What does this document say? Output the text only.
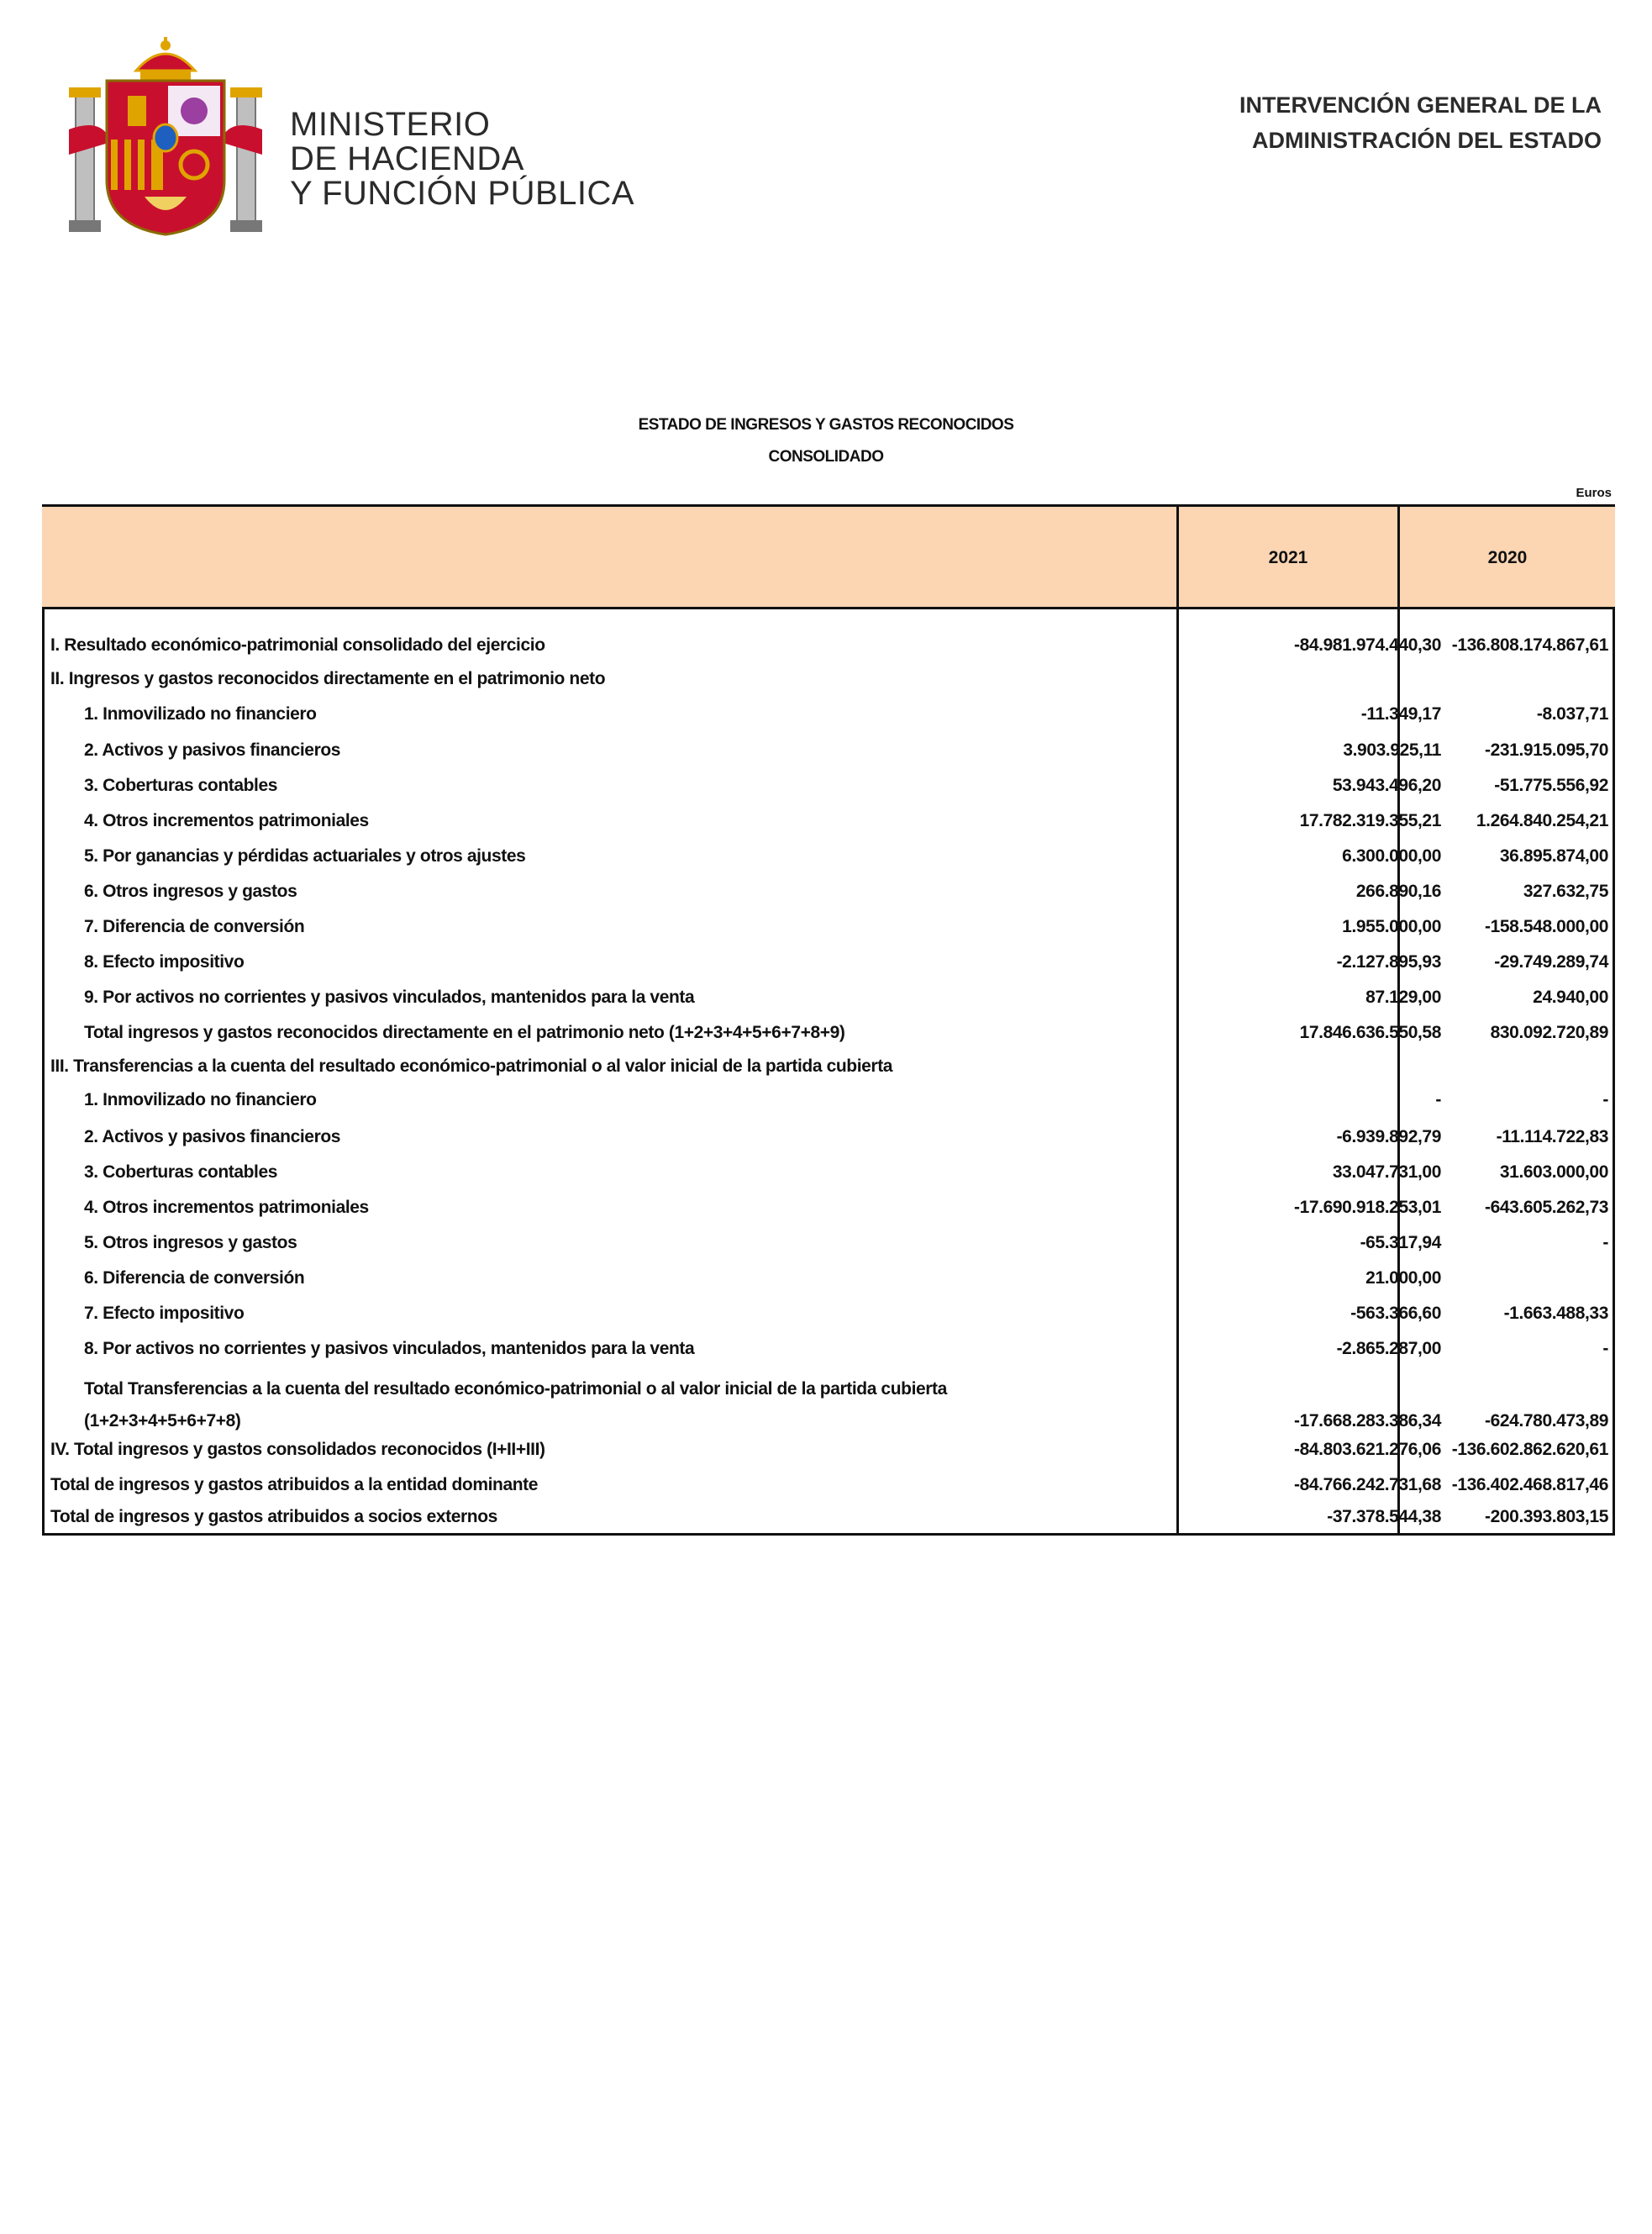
MINISTERIO
DE HACIENDA
Y FUNCIÓN PÚBLICA
INTERVENCIÓN GENERAL DE LA
ADMINISTRACIÓN DEL ESTADO
ESTADO DE INGRESOS Y GASTOS RECONOCIDOS
CONSOLIDADO
Euros
2021	2020
I. Resultado económico-patrimonial consolidado del ejercicio	-84.981.974.440,30 -136.808.174.867,61
II. Ingresos y gastos reconocidos directamente en el patrimonio neto
1. Inmovilizado no financiero	-11.349,17	-8.037,71
2. Activos y pasivos financieros	3.903.925,11 -231.915.095,70
3. Coberturas contables	53.943.496,20	-51.775.556,92
4. Otros incrementos patrimoniales	17.782.319.355,21 1.264.840.254,21
5. Por ganancias y pérdidas actuariales y otros ajustes	6.300.000,00	36.895.874,00
6. Otros ingresos y gastos	266.890,16	327.632,75
7. Diferencia de conversión	1.955.000,00 -158.548.000,00
8. Efecto impositivo	-2.127.895,93	-29.749.289,74
9. Por activos no corrientes y pasivos vinculados, mantenidos para la venta	87.129,00	24.940,00
Total ingresos y gastos reconocidos directamente en el patrimonio neto (1+2+3+4+5+6+7+8+9)	17.846.636.550,58	830.092.720,89
III. Transferencias a la cuenta del resultado económico-patrimonial o al valor inicial de la partida cubierta
1. Inmovilizado no financiero	-	-
2. Activos y pasivos financieros	-6.939.892,79	-11.114.722,83
3. Coberturas contables	33.047.731,00	31.603.000,00
4. Otros incrementos patrimoniales	-17.690.918.253,01 -643.605.262,73
5. Otros ingresos y gastos	-65.317,94	-
6. Diferencia de conversión	21.000,00
7. Efecto impositivo	-563.366,60	-1.663.488,33
8. Por activos no corrientes y pasivos vinculados, mantenidos para la venta	-2.865.287,00	-
Total Transferencias a la cuenta del resultado económico-patrimonial o al valor inicial de la partida cubierta
(1+2+3+4+5+6+7+8)	-17.668.283.386,34 -624.780.473,89
IV. Total ingresos y gastos consolidados reconocidos (I+II+III)	-84.803.621.276,06 -136.602.862.620,61
Total de ingresos y gastos atribuidos a la entidad dominante	-84.766.242.731,68 -136.402.468.817,46
Total de ingresos y gastos atribuidos a socios externos	-37.378.544,38 -200.393.803,15
